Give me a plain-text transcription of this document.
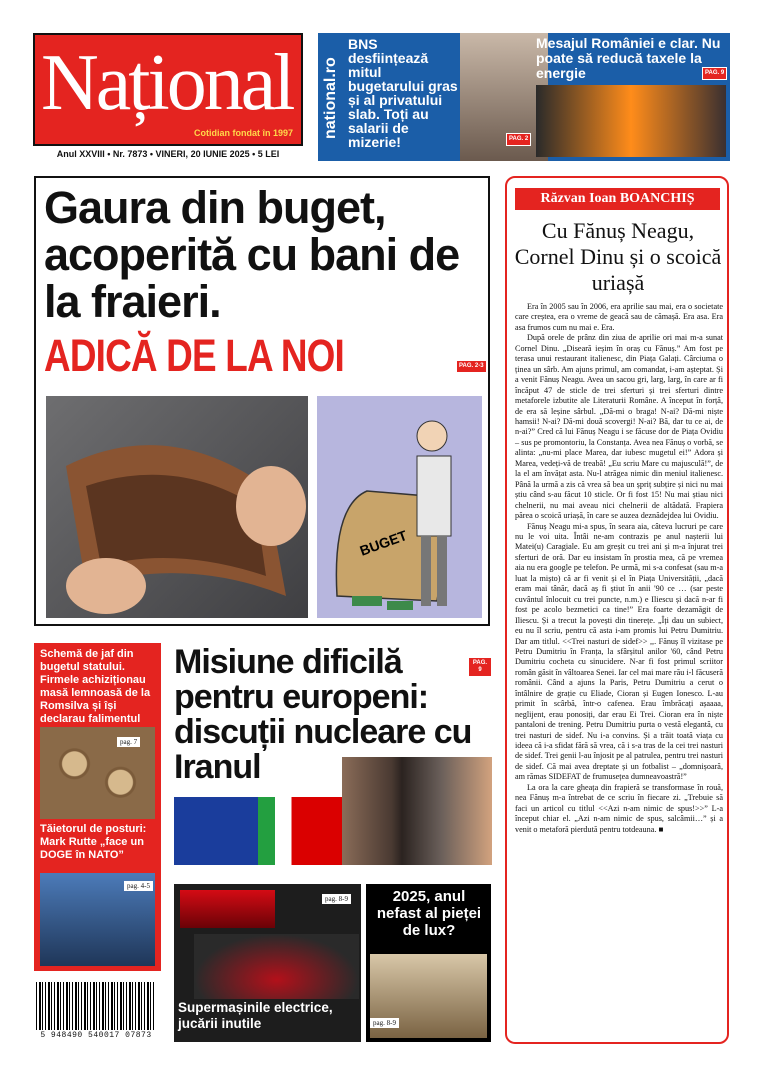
Național
Cotidian fondat în 1997
Anul XXVIII • Nr. 7873 • VINERI, 20 IUNIE 2025 • 5 LEI
national.ro
BNS desființează mitul bugetarului gras și al privatului slab. Toți au salarii de mizerie!	PAG. 2
Mesajul României e clar. Nu poate să reducă taxele la energie	PAG. 9
Gaura din buget, acoperită cu bani de la fraieri.
ADICĂ DE LA NOI	PAG. 2-3
BUGET
Răzvan Ioan BOANCHIȘ
Cu Fănuș Neagu, Cornel Dinu și o scoică uriașă

Era în 2005 sau în 2006, era aprilie sau mai, era o societate care creștea, era o vreme de geacă sau de cămașă. Era asa. Era asa frumos cum nu mai e. Era.

După orele de prânz din ziua de aprilie ori mai m-a sunat Cornel Dinu. „Diseară ieșim în oraș cu Fănuș.” Am fost pe terasa unui restaurant italienesc, din Piața Galați. Cârciuma o ținea un sârb. Am ajuns primul, am comandat, i-am așteptat. Și a venit Fănuș Neagu. Avea un sacou gri, larg, larg, în care ar fi încăput 47 de sticle de trei sferturi și trei sferturi dintre metaforele izbutite ale Literaturii Române. A început în forță, de era să leșine sârbul. „Dă-mi o braga! N-ai? Dă-mi niște hamsii! N-ai? Dă-mi două scovergi! N-ai? Bă, dar tu ce ai, de n-ai?” Cred că lui Fănuș Neagu i se făcuse dor de Piața Ovidiu – sus pe promontoriu, la Constanța. Avea nea Fănuș o vorbă, se alinta: „nu-mi place Marea, dar iubesc mugetul ei!” Adora și Marea, vedeți-vă de treabă! „Eu scriu Mare cu majusculă!”, de la el am învățat asta. Nu-l atrăgea nimic din meniul italienesc. Până la urmă a zis că vrea să bea un șpriț subțire și nici nu mai știu când s-au făcut 10 sticle. Or fi fost 15! Nu mai știau nici chelnerii, nu mai aveau nici chelnerii de altădată. Frapiera părea o scoică uriașă, în care se auzea deznădejdea lui Ovidiu.

Fănuș Neagu mi-a spus, în seara aia, câteva lucruri pe care nu le voi uita. Întâi ne-am contrazis pe anul nașterii lui Matei(u) Caragiale. Eu am greșit cu trei ani și m-a înjurat trei sferturi de oră. Dar eu insistam în prostia mea, că pe vremea aia nu era google pe telefon. Pe urmă, mi s-a confesat (sau m-a luat la mișto) că ar fi venit și el în Piața Universității, „dacă eram mai tânăr, dacă aș fi știut în anii '90 ce … (sar peste cuvântul înlocuit cu trei puncte, n.m.) e Iliescu și dacă n-ar fi fost pe acolo bezmetici ca tine!” Era foarte dezamăgit de Iliescu. Și a trecut la povești din tinerețe. „Îți dau un subiect, eu nu îl scriu, pentru că asta i-am promis lui Petru Dumitriu. Dar am titlul. <<Trei nasturi de sidef>> ,,. Fănuș îl vizitase pe Petru Dumitriu în Franța, la sfârșitul anilor '60, când Petru Dumitriu cocheta cu sinucidere. N-ar fi fost primul scriitor român găsit în vâltoarea Senei. Iar cel mai mare rău i-l făcuseră românii. Când a ajuns la Paris, Petru Dumitriu a cerut o întâlnire de grație cu Eliade, Cioran și Eugen Ionesco. L-au primit în scârbă, într-o cafenea. Erau îmbrăcați așaaaa, neglijent, erau ponosiți, dar erau Ei Trei. Cioran era în niște pantaloni de trening. Petru Dumitriu purta o vestă elegantă, cu trei nasturi de sidef. Nu i-a convins. Și a trăit toată viața cu ideea că i-a sfidat fără să vrea, că i s-a tras de la cei trei nasturi de sidef. Trei genii l-au înjosit pe al patrulea, pentru trei nasturi de sidef. Că mai avea dreptate și un fotbalist – „domnișoară, am rămas SIDEFAT de frumusețea dumneavoastră!”

La ora la care gheața din frapieră se transformase în rouă, nea Fănuș m-a întrebat de ce scriu în fiecare zi. „Trebuie să faci un articol cu titlul <<Azi n-am nimic de spus!>>” L-a început chiar el. „Azi n-am nimic de spus, salcâmii…” și a venit o metaforă pierdută pentru totdeauna. ■

Schemă de jaf din bugetul statului. Firmele achiziționau masă lemnoasă de la Romsilva și își declarau falimentul
pag. 7
Tăietorul de posturi: Mark Rutte „face un DOGE în NATO”
pag. 4-5
Misiune dificilă pentru europeni: discuții nucleare cu Iranul
PAG. 9
pag. 8-9
Supermașinile electrice, jucării inutile
2025, anul nefast al pieței de lux?
pag. 8-9
5 948490 540017 07873
